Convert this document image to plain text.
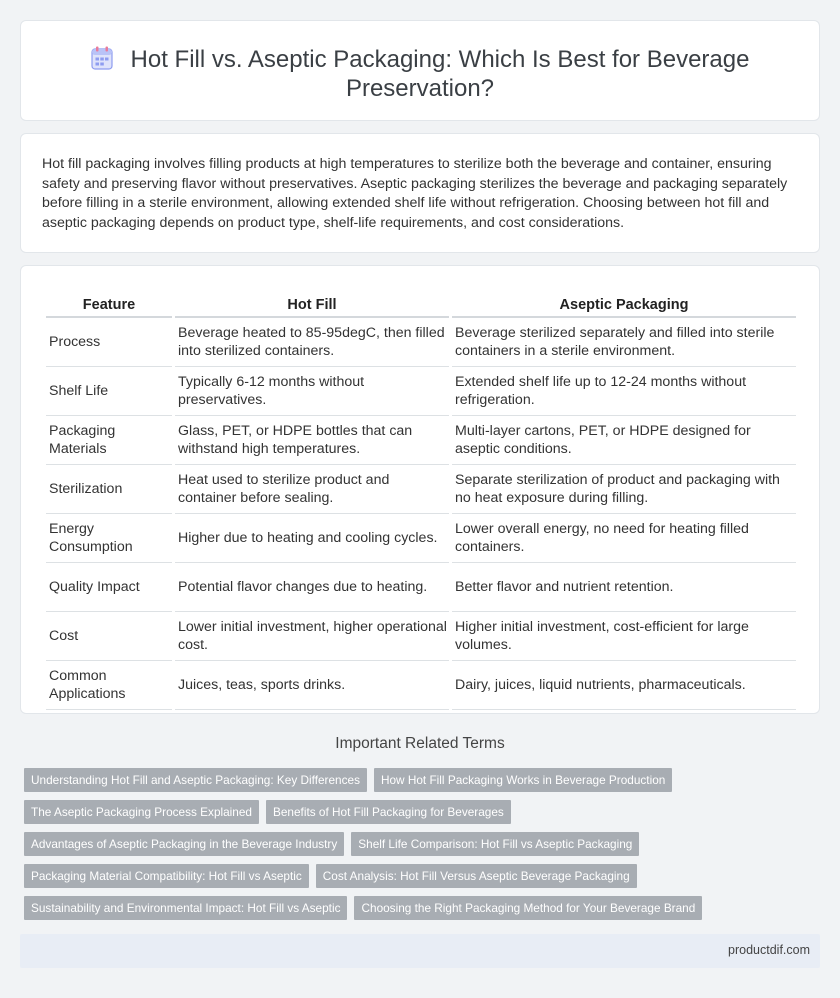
Hot Fill vs. Aseptic Packaging: Which Is Best for Beverage Preservation?

Hot fill packaging involves filling products at high temperatures to sterilize both the beverage and container, ensuring safety and preserving flavor without preservatives. Aseptic packaging sterilizes the beverage and packaging separately before filling in a sterile environment, allowing extended shelf life without refrigeration. Choosing between hot fill and aseptic packaging depends on product type, shelf-life requirements, and cost considerations.

Feature	Hot Fill	Aseptic Packaging
Process	Beverage heated to 85-95degC, then filled into sterilized containers.	Beverage sterilized separately and filled into sterile containers in a sterile environment.
Shelf Life	Typically 6-12 months without preservatives.	Extended shelf life up to 12-24 months without refrigeration.
Packaging Materials	Glass, PET, or HDPE bottles that can withstand high temperatures.	Multi-layer cartons, PET, or HDPE designed for aseptic conditions.
Sterilization	Heat used to sterilize product and container before sealing.	Separate sterilization of product and packaging with no heat exposure during filling.
Energy Consumption	Higher due to heating and cooling cycles.	Lower overall energy, no need for heating filled containers.
Quality Impact	Potential flavor changes due to heating.	Better flavor and nutrient retention.
Cost	Lower initial investment, higher operational cost.	Higher initial investment, cost-efficient for large volumes.
Common Applications	Juices, teas, sports drinks.	Dairy, juices, liquid nutrients, pharmaceuticals.
Important Related Terms
Understanding Hot Fill and Aseptic Packaging: Key Differences	How Hot Fill Packaging Works in Beverage Production
The Aseptic Packaging Process Explained	Benefits of Hot Fill Packaging for Beverages
Advantages of Aseptic Packaging in the Beverage Industry	Shelf Life Comparison: Hot Fill vs Aseptic Packaging
Packaging Material Compatibility: Hot Fill vs Aseptic	Cost Analysis: Hot Fill Versus Aseptic Beverage Packaging
Sustainability and Environmental Impact: Hot Fill vs Aseptic	Choosing the Right Packaging Method for Your Beverage Brand
productdif.com
